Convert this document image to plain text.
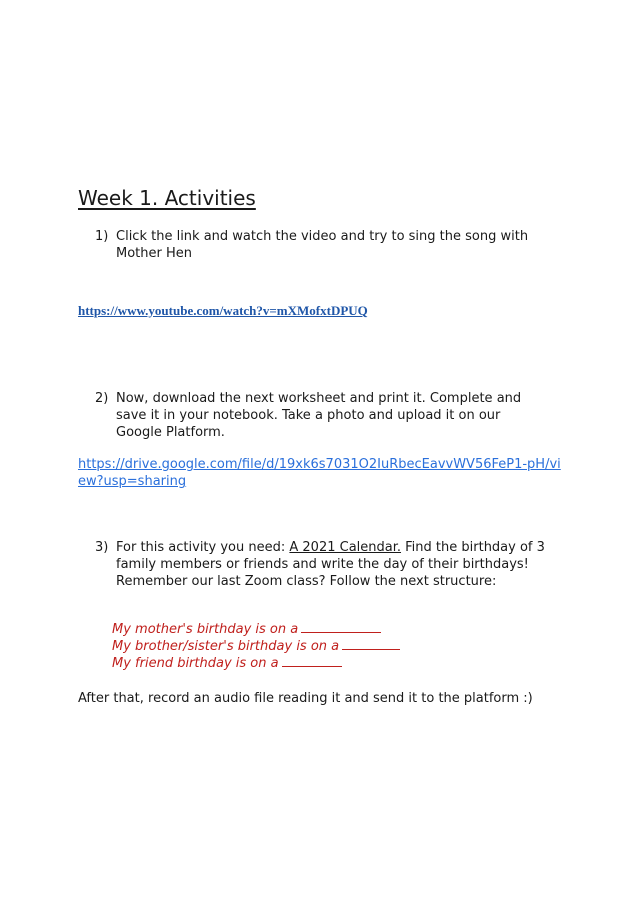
Week 1. Activities
1) Click the link and watch the video and try to sing the song with Mother Hen
https://www.youtube.com/watch?v=mXMofxtDPUQ
2) Now, download the next worksheet and print it. Complete and save it in your notebook. Take a photo and upload it on our Google Platform.
https://drive.google.com/file/d/19xk6s7031O2IuRbecEavvWV56FeP1-pH/view?usp=sharing
3) For this activity you need: A 2021 Calendar. Find the birthday of 3 family members or friends and write the day of their birthdays! Remember our last Zoom class? Follow the next structure:
My mother's birthday is on a
My brother/sister's birthday is on a
My friend birthday is on a
After that, record an audio file reading it and send it to the platform :)
